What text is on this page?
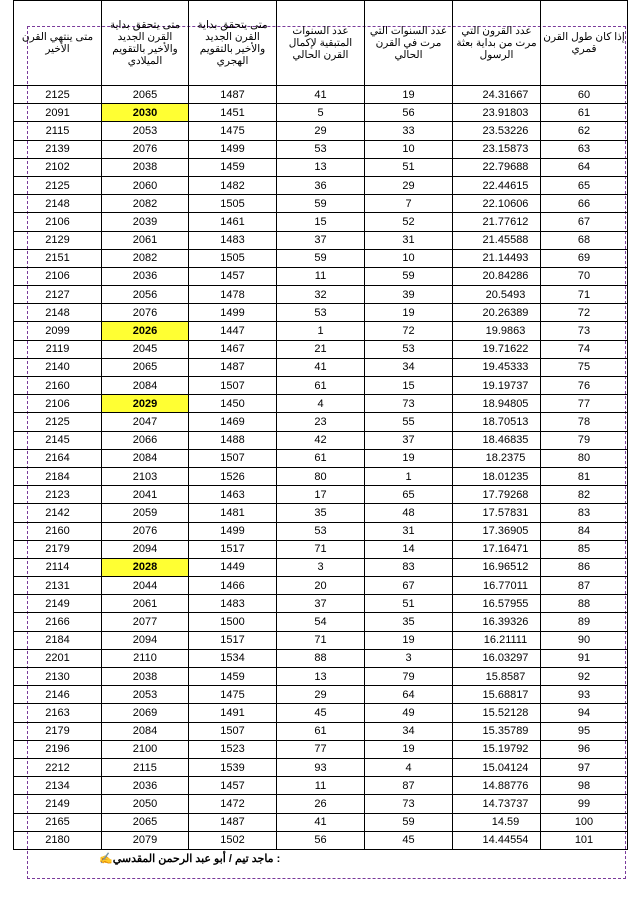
متى ينتهي القرن الأخير	متى يتحقق بداية القرن الجديد والأخير بالتقويم الميلادي	متى يتحقق بداية القرن الجديد والأخير بالتقويم الهجري	عدد السنوات المتبقية لإكمال القرن الحالي	عدد السنوات التي مرت في القرن الحالي	عدد القرون التي مرت من بداية بعثة الرسول	إذا كان طول القرن قمري
2125	2065	1487	41	19	24.31667	60
2091	2030	1451	5	56	23.91803	61
2115	2053	1475	29	33	23.53226	62
2139	2076	1499	53	10	23.15873	63
2102	2038	1459	13	51	22.79688	64
2125	2060	1482	36	29	22.44615	65
2148	2082	1505	59	7	22.10606	66
2106	2039	1461	15	52	21.77612	67
2129	2061	1483	37	31	21.45588	68
2151	2082	1505	59	10	21.14493	69
2106	2036	1457	11	59	20.84286	70
2127	2056	1478	32	39	20.5493	71
2148	2076	1499	53	19	20.26389	72
2099	2026	1447	1	72	19.9863	73
2119	2045	1467	21	53	19.71622	74
2140	2065	1487	41	34	19.45333	75
2160	2084	1507	61	15	19.19737	76
2106	2029	1450	4	73	18.94805	77
2125	2047	1469	23	55	18.70513	78
2145	2066	1488	42	37	18.46835	79
2164	2084	1507	61	19	18.2375	80
2184	2103	1526	80	1	18.01235	81
2123	2041	1463	17	65	17.79268	82
2142	2059	1481	35	48	17.57831	83
2160	2076	1499	53	31	17.36905	84
2179	2094	1517	71	14	17.16471	85
2114	2028	1449	3	83	16.96512	86
2131	2044	1466	20	67	16.77011	87
2149	2061	1483	37	51	16.57955	88
2166	2077	1500	54	35	16.39326	89
2184	2094	1517	71	19	16.21111	90
2201	2110	1534	88	3	16.03297	91
2130	2038	1459	13	79	15.8587	92
2146	2053	1475	29	64	15.68817	93
2163	2069	1491	45	49	15.52128	94
2179	2084	1507	61	34	15.35789	95
2196	2100	1523	77	19	15.19792	96
2212	2115	1539	93	4	15.04124	97
2134	2036	1457	11	87	14.88776	98
2149	2050	1472	26	73	14.73737	99
2165	2065	1487	41	59	14.59	100
2180	2079	1502	56	45	14.44554	101
: ماجد تيم / أبو عبد الرحمن المقدسي✍
